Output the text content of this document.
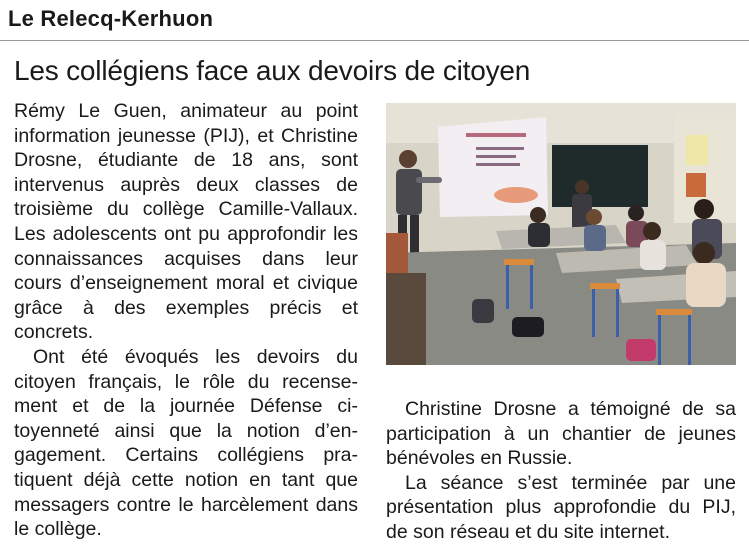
Le Relecq-Kerhuon
Les collégiens face aux devoirs de citoyen

Rémy Le Guen, animateur au point information jeunesse (PIJ), et Christine Drosne, étudiante de 18 ans, sont intervenus auprès deux classes de troisième du collège Camille-Vallaux. Les adolescents ont pu approfondir les connaissances acquises dans leur cours d’enseignement moral et civique grâce à des exemples précis et concrets.

Ont été évoqués les devoirs du citoyen français, le rôle du recensement et de la journée Défense citoyenneté ainsi que la notion d’engagement. Certains collégiens pratiquent déjà cette notion en tant que messagers contre le harcèlement dans le collège.

Christine Drosne a témoigné de sa participation à un chantier de jeunes bénévoles en Russie.

La séance s’est terminée par une présentation plus approfondie du PIJ, de son réseau et du site internet.
